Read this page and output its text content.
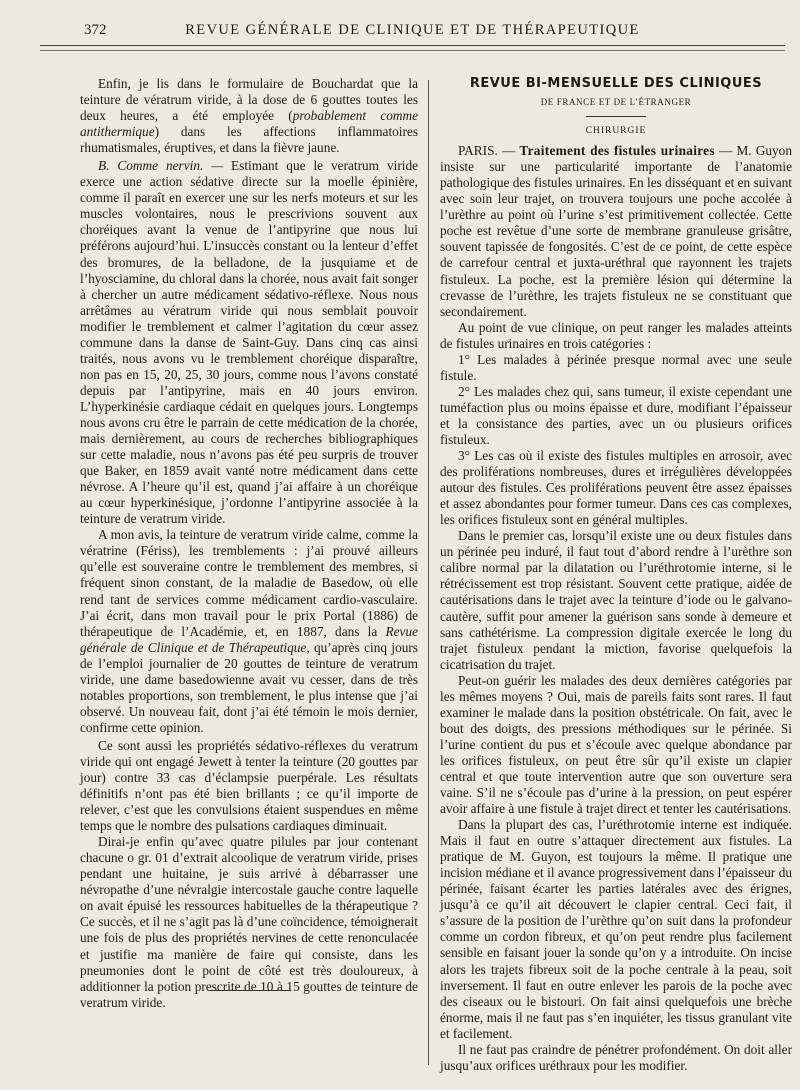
372	REVUE GÉNÉRALE DE CLINIQUE ET DE THÉRAPEUTIQUE

Enfin, je lis dans le formulaire de Bouchardat que la teinture de vératrum viride, à la dose de 6 gouttes toutes les deux heures, a été employée (probablement comme antithermique) dans les affections inflammatoires rhumatismales, éruptives, et dans la fièvre jaune.

B. Comme nervin. — Estimant que le veratrum viride exerce une action sédative directe sur la moelle épinière, comme il paraît en exercer une sur les nerfs moteurs et sur les muscles volontaires, nous le prescrivions souvent aux choréiques avant la venue de l’antipyrine que nous lui préférons aujourd’hui. L’insuccès constant ou la lenteur d’effet des bromures, de la belladone, de la jusquiame et de l’hyosciamine, du chloral dans la chorée, nous avait fait songer à chercher un autre médicament sédativo-réflexe. Nous nous arrêtâmes au vératrum viride qui nous semblait pouvoir modifier le tremblement et calmer l’agitation du cœur assez commune dans la danse de Saint-Guy. Dans cinq cas ainsi traités, nous avons vu le tremblement choréique disparaître, non pas en 15, 20, 25, 30 jours, comme nous l’avons constaté depuis par l’antipyrine, mais en 40 jours environ. L’hyperkinésie cardiaque cédait en quelques jours. Longtemps nous avons cru être le parrain de cette médication de la chorée, mais dernièrement, au cours de recherches bibliographiques sur cette maladie, nous n’avons pas été peu surpris de trouver que Baker, en 1859 avait vanté notre médicament dans cette névrose. A l’heure qu’il est, quand j’ai affaire à un choréique au cœur hyperkinésique, j’ordonne l’antipyrine associée à la teinture de veratrum viride.

A mon avis, la teinture de veratrum viride calme, comme la vératrine (Fériss), les tremblements : j’ai prouvé ailleurs qu’elle est souveraine contre le tremblement des membres, si fréquent sinon constant, de la maladie de Basedow, où elle rend tant de services comme médicament cardio-vasculaire. J’ai écrit, dans mon travail pour le prix Portal (1886) de thérapeutique de l’Académie, et, en 1887, dans la Revue générale de Clinique et de Thérapeutique, qu’après cinq jours de l’emploi journalier de 20 gouttes de teinture de veratrum viride, une dame basedowienne avait vu cesser, dans de très notables proportions, son tremblement, le plus intense que j’ai observé. Un nouveau fait, dont j’ai été témoin le mois dernier, confirme cette opinion.

Ce sont aussi les propriétés sédativo-réflexes du veratrum viride qui ont engagé Jewett à tenter la teinture (20 gouttes par jour) contre 33 cas d’éclampsie puerpérale. Les résultats définitifs n’ont pas été bien brillants ; ce qu’il importe de relever, c’est que les convulsions étaient suspendues en même temps que le nombre des pulsations cardiaques diminuait.

Dirai-je enfin qu’avec quatre pilules par jour contenant chacune o gr. 01 d’extrait alcoolique de veratrum viride, prises pendant une huitaine, je suis arrivé à débarrasser une névropathe d’une névralgie intercostale gauche contre laquelle on avait épuisé les ressources habituelles de la thérapeutique ? Ce succès, et il ne s’agit pas là d’une coïncidence, témoignerait une fois de plus des propriétés nervines de cette renonculacée et justifie ma manière de faire qui consiste, dans les pneumonies dont le point de côté est très douloureux, à additionner la potion prescrite de 10 à 15 gouttes de teinture de veratrum viride.

REVUE BI-MENSUELLE DES CLINIQUES
DE FRANCE ET DE L’ÉTRANGER
CHIRURGIE

PARIS. — Traitement des fistules urinaires — M. Guyon insiste sur une particularité importante de l’anatomie pathologique des fistules urinaires. En les disséquant et en suivant avec soin leur trajet, on trouvera toujours une poche accolée à l’urèthre au point où l’urine s’est primitivement collectée. Cette poche est revêtue d’une sorte de membrane granuleuse grisâtre, souvent tapissée de fongosités. C’est de ce point, de cette espèce de carrefour central et juxta-uréthral que rayonnent les trajets fistuleux. La poche, est la première lésion qui détermine la crevasse de l’urèthre, les trajets fistuleux ne se constituant que secondairement.

Au point de vue clinique, on peut ranger les malades atteints de fistules urinaires en trois catégories :

1° Les malades à périnée presque normal avec une seule fistule.

2° Les malades chez qui, sans tumeur, il existe cependant une tuméfaction plus ou moins épaisse et dure, modifiant l’épaisseur et la consistance des parties, avec un ou plusieurs orifices fistuleux.

3° Les cas où il existe des fistules multiples en arrosoir, avec des proliférations nombreuses, dures et irrégulières développées autour des fistules. Ces proliférations peuvent être assez épaisses et assez abondantes pour former tumeur. Dans ces cas complexes, les orifices fistuleux sont en général multiples.

Dans le premier cas, lorsqu’il existe une ou deux fistules dans un périnée peu induré, il faut tout d’abord rendre à l’urèthre son calibre normal par la dilatation ou l’uréthrotomie interne, si le rétrécissement est trop résistant. Souvent cette pratique, aidée de cautérisations dans le trajet avec la teinture d’iode ou le galvano-cautère, suffit pour amener la guérison sans sonde à demeure et sans cathétérisme. La compression digitale exercée le long du trajet fistuleux pendant la miction, favorise quelquefois la cicatrisation du trajet.

Peut-on guérir les malades des deux dernières catégories par les mêmes moyens ? Oui, mais de pareils faits sont rares. Il faut examiner le malade dans la position obstétricale. On fait, avec le bout des doigts, des pressions méthodiques sur le périnée. Si l’urine contient du pus et s’écoule avec quelque abondance par les orifices fistuleux, on peut être sûr qu’il existe un clapier central et que toute intervention autre que son ouverture sera vaine. S’il ne s’écoule pas d’urine à la pression, on peut espérer avoir affaire à une fistule à trajet direct et tenter les cautérisations.

Dans la plupart des cas, l’uréthrotomie interne est indiquée. Mais il faut en outre s’attaquer directement aux fistules. La pratique de M. Guyon, est toujours la même. Il pratique une incision médiane et il avance progressivement dans l’épaisseur du périnée, faisant écarter les parties latérales avec des érignes, jusqu’à ce qu’il ait découvert le clapier central. Ceci fait, il s’assure de la position de l’urèthre qu’on suit dans la profondeur comme un cordon fibreux, et qu’on peut rendre plus facilement sensible en faisant jouer la sonde qu’on y a introduite. On incise alors les trajets fibreux soit de la poche centrale à la peau, soit inversement. Il faut en outre enlever les parois de la poche avec des ciseaux ou le bistouri. On fait ainsi quelquefois une brèche énorme, mais il ne faut pas s’en inquiéter, les tissus granulant vite et facilement.

Il ne faut pas craindre de pénétrer profondément. On doit aller jusqu’aux orifices uréthraux pour les modifier.
